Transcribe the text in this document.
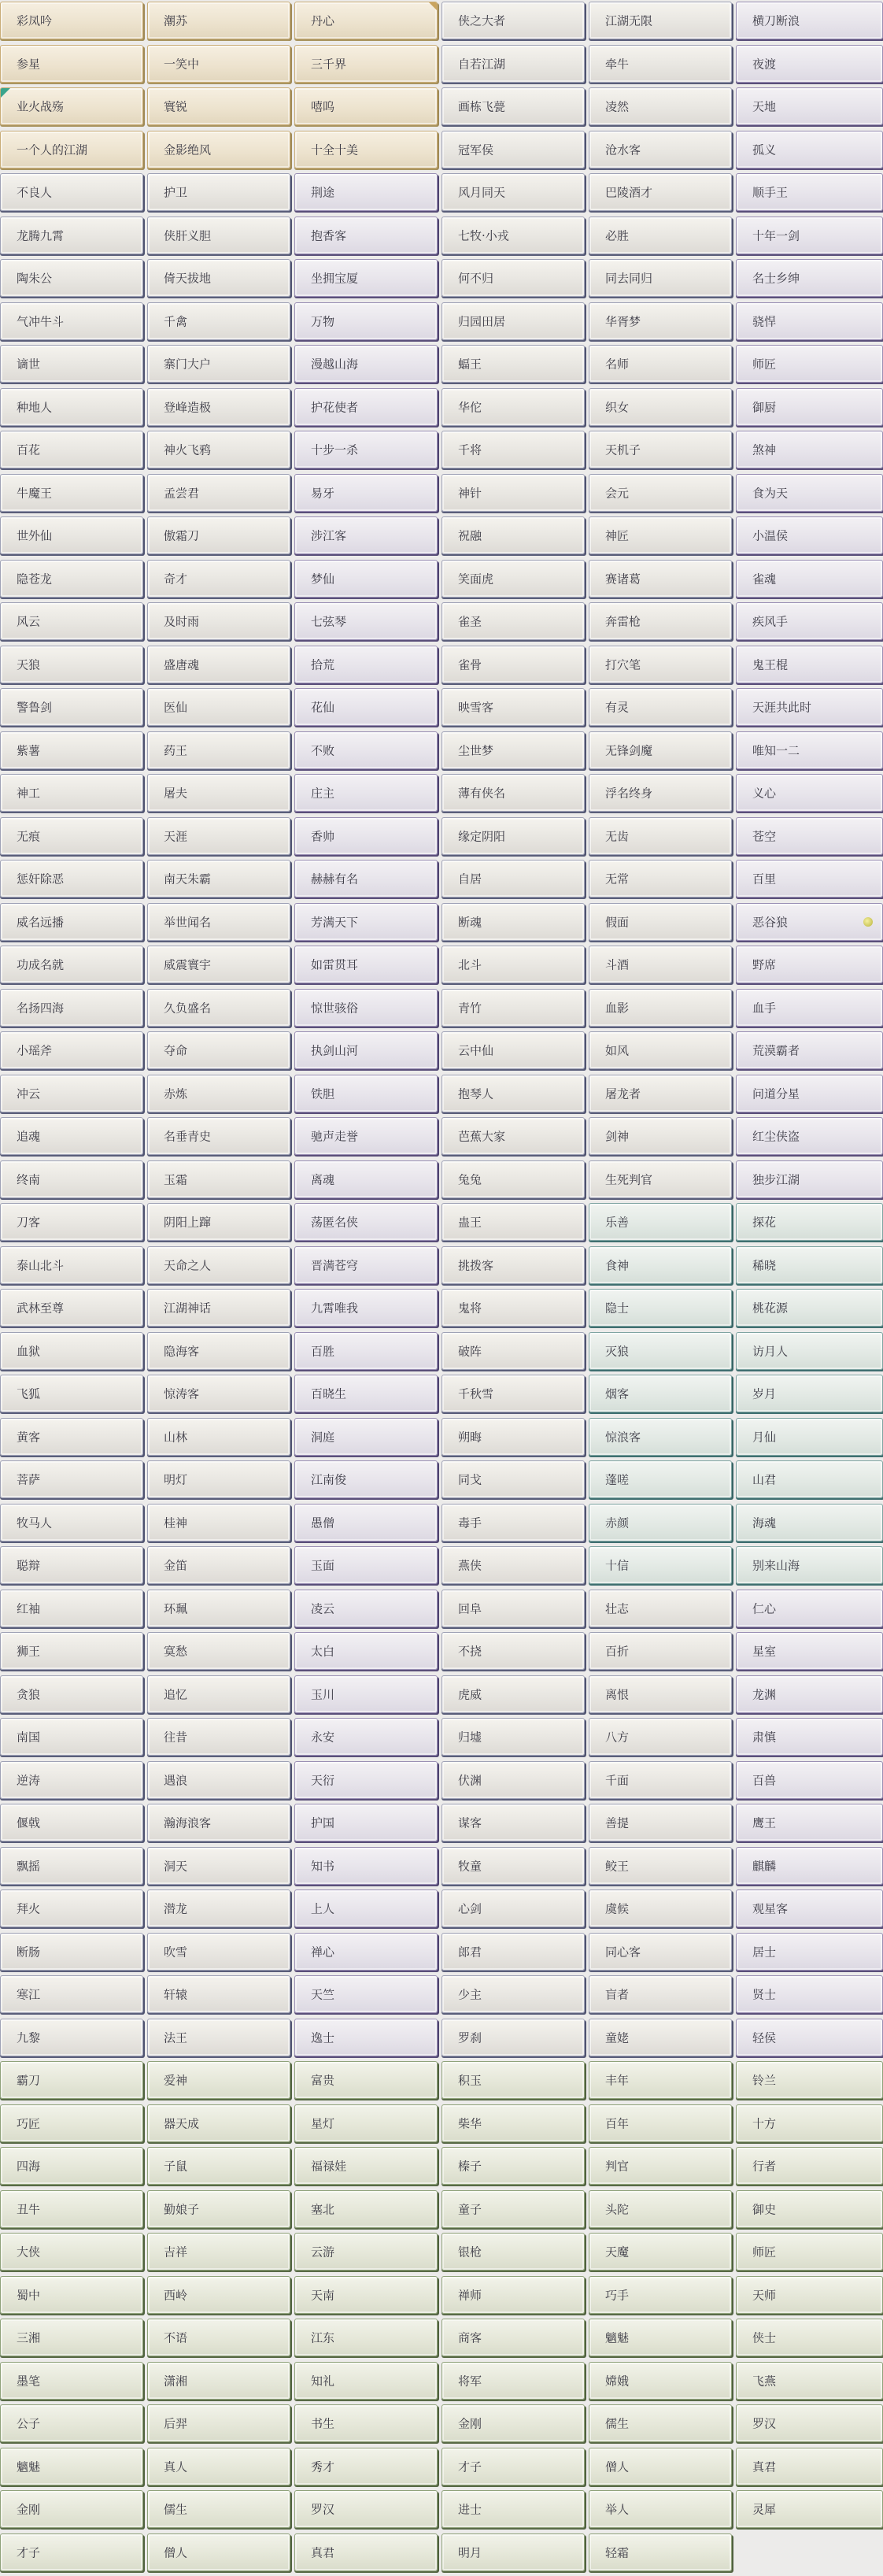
彩凤吟	潮苏	丹心	侠之大者	江湖无限	横刀断浪
参星	一笑中	三千界	自若江湖	牵牛	夜渡
业火战殇	寰锐	嘻呜	画栋飞甍	凌然	天地
一个人的江湖	金影绝风	十全十美	冠军侯	沧水客	孤义
不良人	护卫	荆途	风月同天	巴陵酒才	顺手王
龙腾九霄	侠肝义胆	抱香客	七牧·小戎	必胜	十年一剑
陶朱公	倚天拔地	坐拥宝厦	何不归	同去同归	名士乡绅
气冲牛斗	千禽	万物	归园田居	华胥梦	骁悍
谪世	寨门大户	漫越山海	蝠王	名师	师匠
种地人	登峰造极	护花使者	华佗	织女	御厨
百花	神火飞鸦	十步一杀	千将	天机子	煞神
牛魔王	孟尝君	易牙	神针	会元	食为天
世外仙	傲霜刀	涉江客	祝融	神匠	小温侯
隐苍龙	奇才	梦仙	笑面虎	赛诸葛	雀魂
风云	及时雨	七弦琴	雀圣	奔雷枪	疾风手
天狼	盛唐魂	拾荒	雀骨	打穴笔	鬼王棍
警鲁剑	医仙	花仙	映雪客	有灵	天涯共此时
紫薯	药王	不败	尘世梦	无锋剑魔	唯知一二
神工	屠夫	庄主	薄有侠名	浮名终身	义心
无痕	天涯	香帅	缘定阴阳	无齿	苍空
惩奸除恶	南天朱霸	赫赫有名	自居	无常	百里
威名远播	举世闻名	芳满天下	断魂	假面	恶谷狼
功成名就	威震寰宇	如雷贯耳	北斗	斗酒	野席
名扬四海	久负盛名	惊世骇俗	青竹	血影	血手
小瑶斧	夺命	执剑山河	云中仙	如风	荒漠霸者
冲云	赤炼	铁胆	抱琴人	屠龙者	问道分星
追魂	名垂青史	驰声走誉	芭蕉大家	剑神	红尘侠盗
终南	玉霜	离魂	兔兔	生死判官	独步江湖
刀客	阴阳上蹿	荡匿名侠	蛊王	乐善	探花
泰山北斗	天命之人	晋满苍穹	挑拨客	食神	稀晓
武林至尊	江湖神话	九霄唯我	鬼将	隐士	桃花源
血狱	隐海客	百胜	破阵	灭狼	访月人
飞狐	惊涛客	百晓生	千秋雪	烟客	岁月
黄客	山林	洞庭	朔晦	惊浪客	月仙
菩萨	明灯	江南俊	同戈	蓬嗟	山君
牧马人	桂神	愚僧	毒手	赤颜	海魂
聪辩	金笛	玉面	燕侠	十信	别来山海
红袖	环珮	凌云	回阜	壮志	仁心
狮王	寞愁	太白	不挠	百折	星室
贪狼	追忆	玉川	虎威	离恨	龙渊
南国	往昔	永安	归墟	八方	肃慎
逆涛	遇浪	天衍	伏渊	千面	百兽
偃戟	瀚海浪客	护国	谋客	善提	鹰王
飘摇	洞天	知书	牧童	鲛王	麒麟
拜火	潜龙	上人	心剑	虞候	观星客
断肠	吹雪	禅心	郎君	同心客	居士
寒江	轩辕	天竺	少主	盲者	贤士
九黎	法王	逸士	罗刹	童姥	轻侯
霸刀	爱神	富贵	积玉	丰年	铃兰
巧匠	器天成	星灯	柴华	百年	十方
四海	子鼠	福禄娃	榛子	判官	行者
丑牛	勤娘子	塞北	童子	头陀	御史
大侠	吉祥	云游	银枪	天魔	师匠
蜀中	西岭	天南	禅师	巧手	天师
三湘	不语	江东	商客	魑魅	侠士
墨笔	潇湘	知礼	将军	嫦娥	飞燕
公子	后羿	书生	金刚	儒生	罗汉
魑魅	真人	秀才	才子	僧人	真君
金刚	儒生	罗汉	进士	举人	灵犀
才子	僧人	真君	明月	轻霜
